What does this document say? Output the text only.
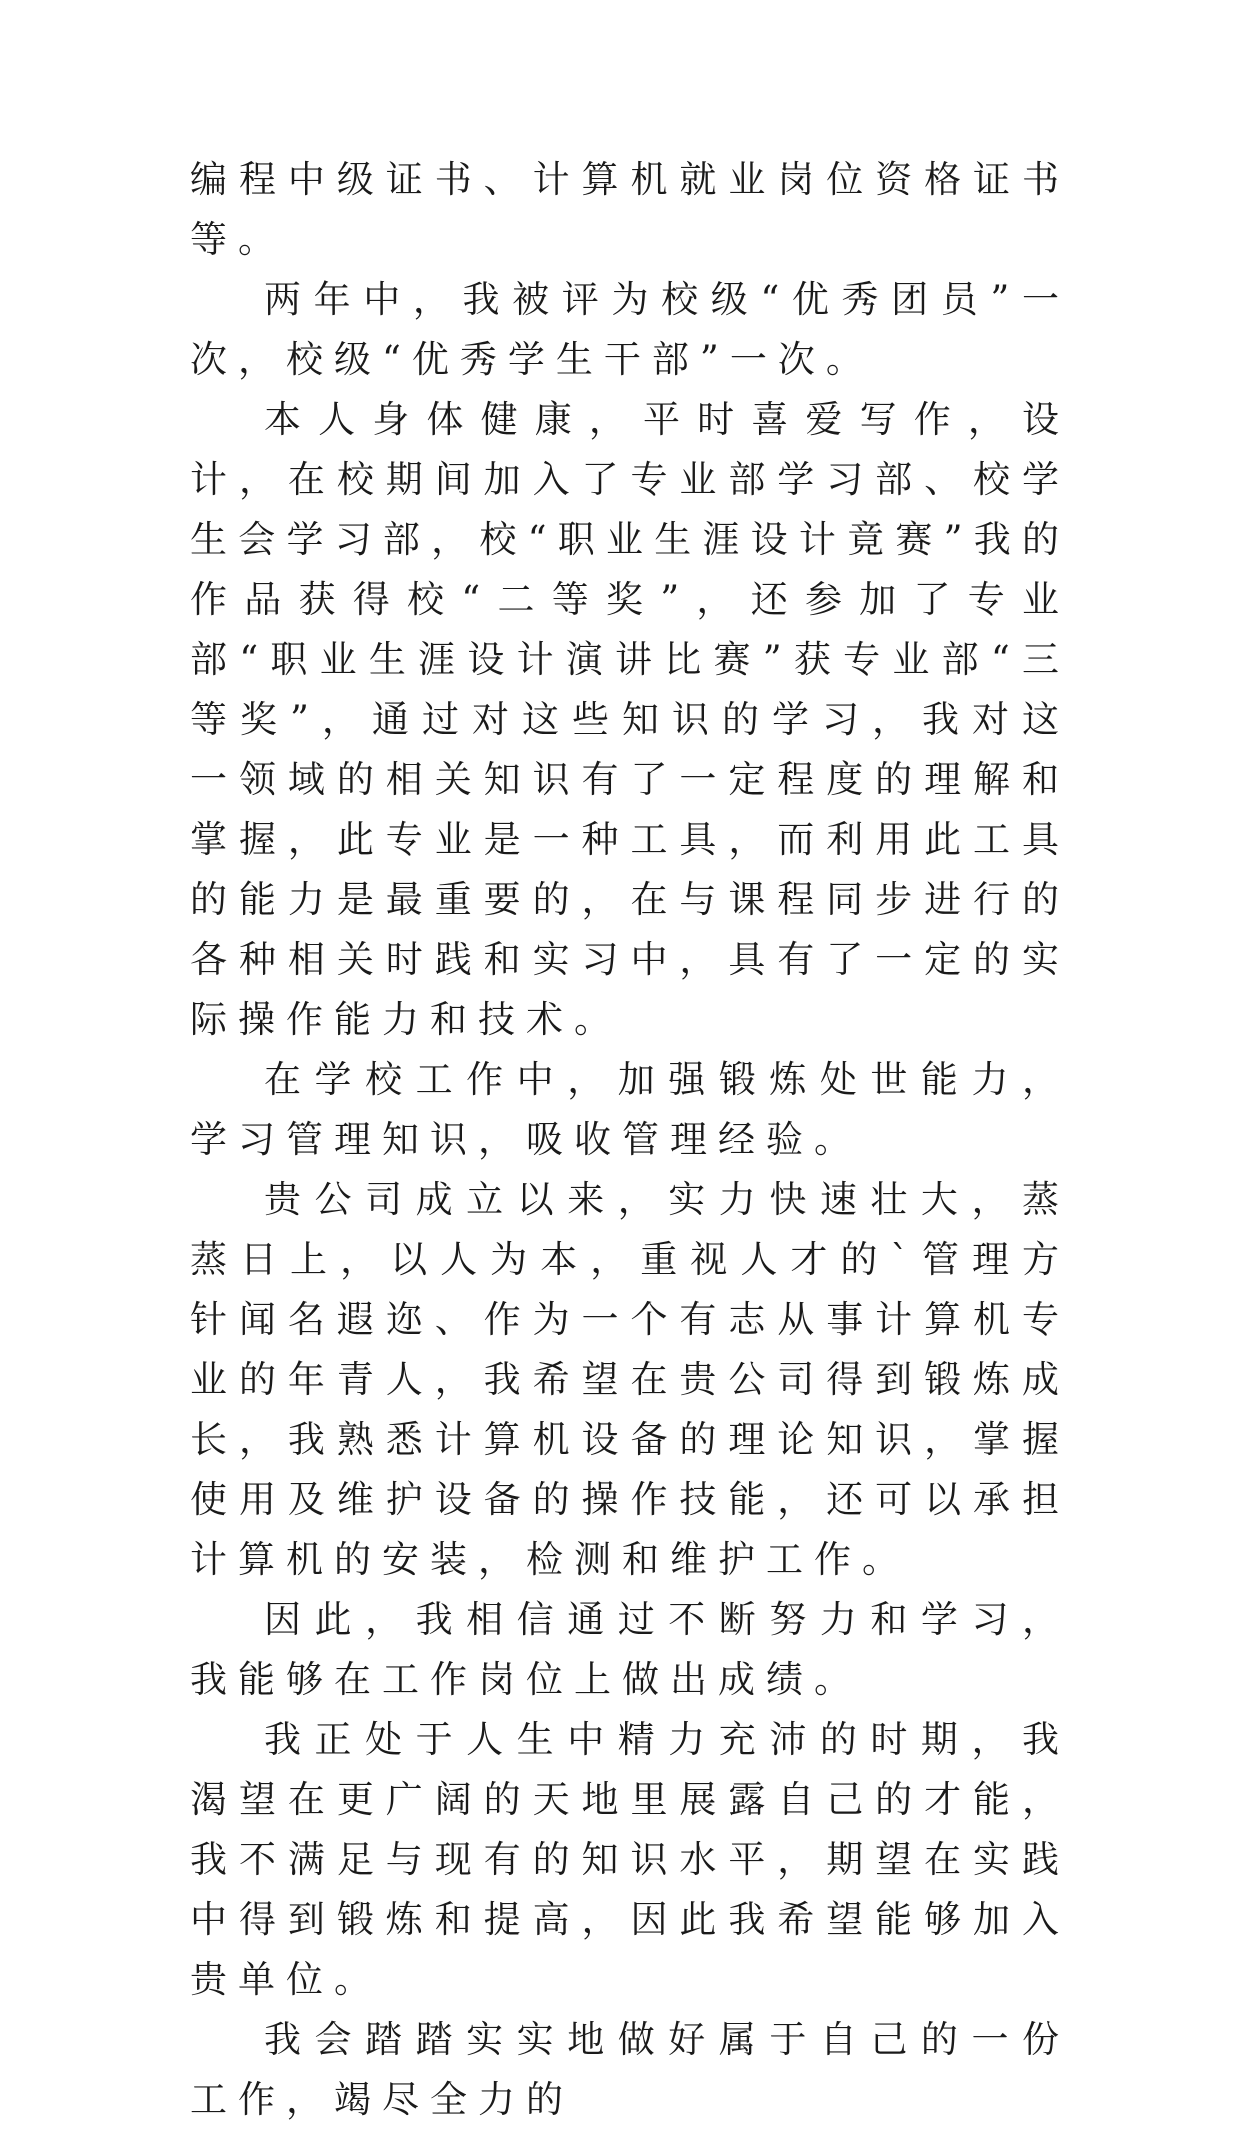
编程中级证书、计算机就业岗位资格证书等。

两年中，我被评为校级“优秀团员”一次，校级“优秀学生干部”一次。

本人身体健康，平时喜爱写作，设计，在校期间加入了专业部学习部、校学生会学习部，校“职业生涯设计竟赛”我的作品获得校“二等奖”，还参加了专业部“职业生涯设计演讲比赛”获专业部“三等奖”，通过对这些知识的学习，我对这一领域的相关知识有了一定程度的理解和掌握，此专业是一种工具，而利用此工具的能力是最重要的，在与课程同步进行的各种相关时践和实习中，具有了一定的实际操作能力和技术。

在学校工作中，加强锻炼处世能力，学习管理知识，吸收管理经验。

贵公司成立以来，实力快速壮大，蒸蒸日上，以人为本，重视人才的`管理方针闻名遐迩、作为一个有志从事计算机专业的年青人，我希望在贵公司得到锻炼成长，我熟悉计算机设备的理论知识，掌握使用及维护设备的操作技能，还可以承担计算机的安装，检测和维护工作。

因此，我相信通过不断努力和学习，我能够在工作岗位上做出成绩。

我正处于人生中精力充沛的时期，我渴望在更广阔的天地里展露自己的才能，我不满足与现有的知识水平，期望在实践中得到锻炼和提高，因此我希望能够加入贵单位。

我会踏踏实实地做好属于自己的一份工作，竭尽全力的
